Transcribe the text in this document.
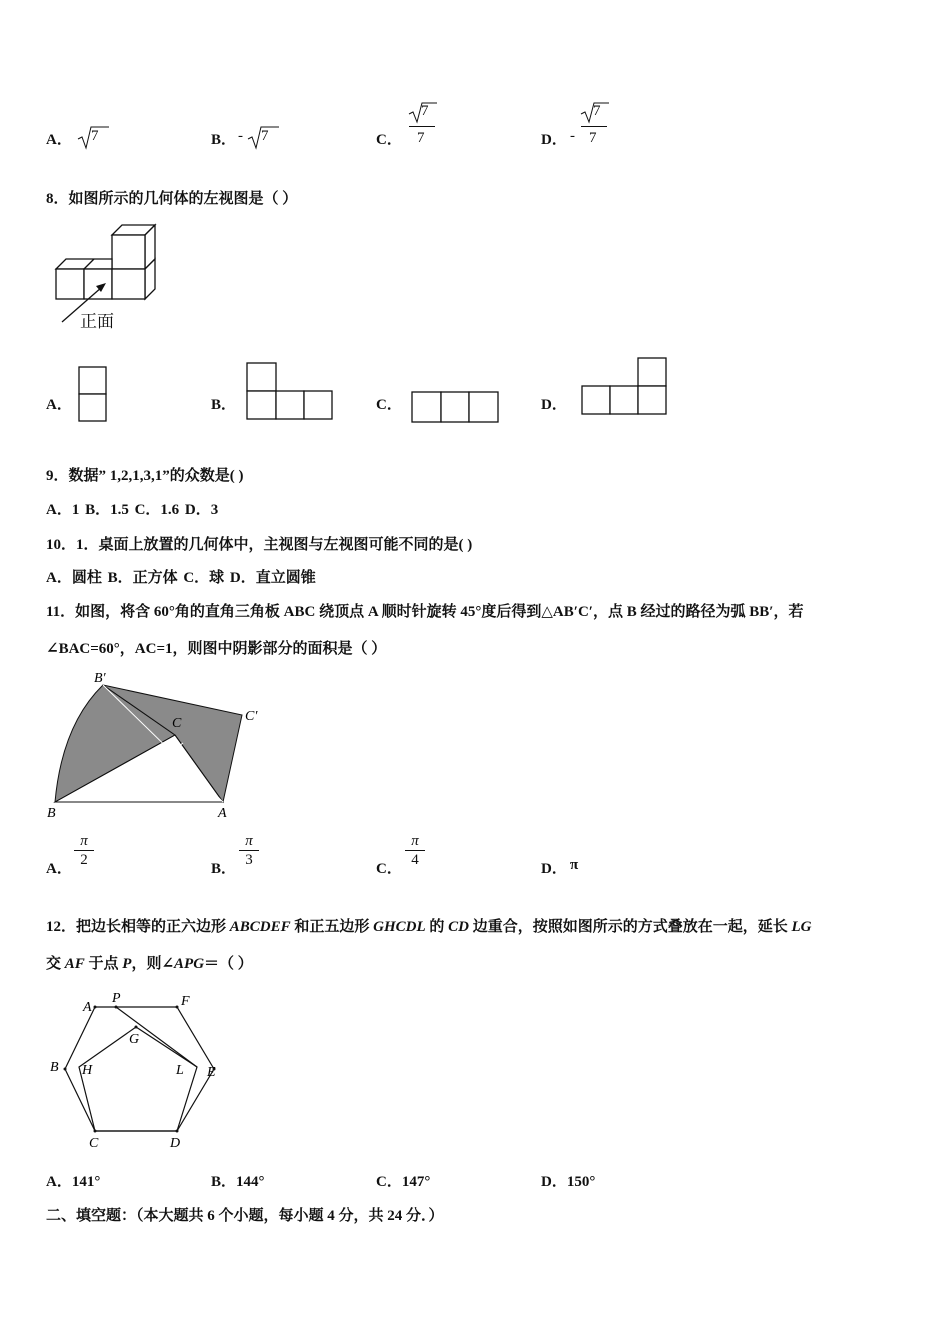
A． 7	B． - 7	C．
7
7	D． -
7
7
8．如图所示的几何体的左视图是（ ）
正面
A．	B．	C．	D．
9．数据” 1,2,1,3,1”的众数是( )
A．1 B．1.5 C．1.6 D．3
10．1．桌面上放置的几何体中，主视图与左视图可能不同的是( )
A．圆柱 B．正方体 C．球 D．直立圆锥
11．如图，将含 60°角的直角三角板 ABC 绕顶点 A 顺时针旋转 45°度后得到△AB′C′，点 B 经过的路径为弧 BB′，若
∠BAC=60°，AC=1，则图中阴影部分的面积是（ ）
B′
C′
C
B	A
A． $\frac{\pi}{2}$	B． $\frac{\pi}{3}$	C． $\frac{\pi}{4}$	D． π
12．把边长相等的正六边形 ABCDEF 和正五边形 GHCDL 的 CD 边重合，按照如图所示的方式叠放在一起，延长 LG
交 AF 于点 P，则∠APG＝（ ）
A
P	F
G
B H	L E
C	D
A．141°	B．144°	C．147°	D．150°
二、填空题：（本大题共 6 个小题，每小题 4 分，共 24 分．）
